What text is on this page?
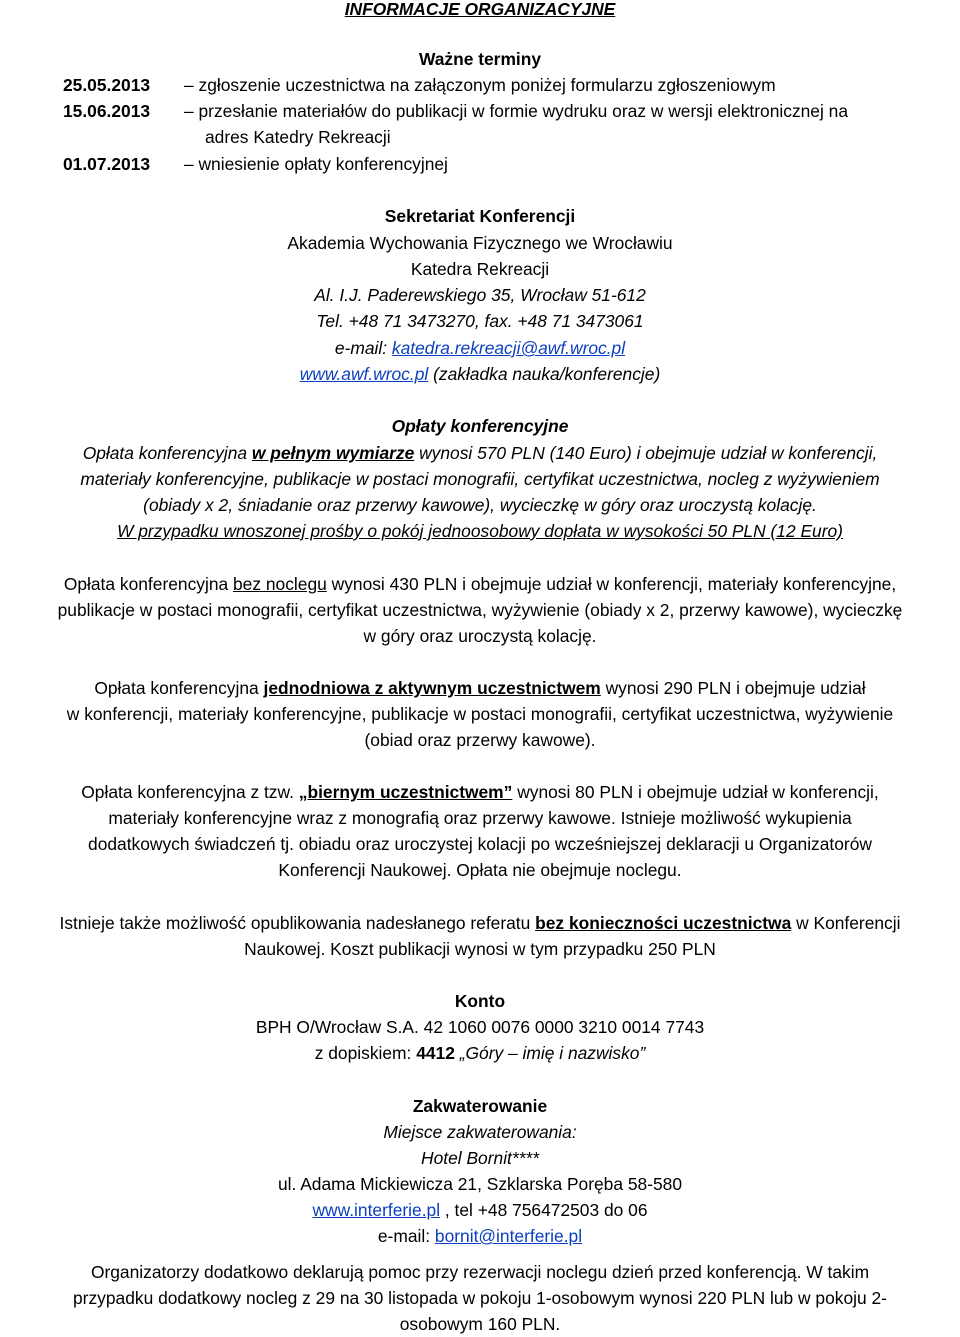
INFORMACJE ORGANIZACYJNE
Ważne terminy
25.05.2013 – zgłoszenie uczestnictwa na załączonym poniżej formularzu zgłoszeniowym
15.06.2013 – przesłanie materiałów do publikacji w formie wydruku oraz w wersji elektronicznej na
adres Katedry Rekreacji
01.07.2013 – wniesienie opłaty konferencyjnej
Sekretariat Konferencji
Akademia Wychowania Fizycznego we Wrocławiu
Katedra Rekreacji
Al. I.J. Paderewskiego 35, Wrocław 51-612
Tel. +48 71 3473270, fax. +48 71 3473061
e-mail: katedra.rekreacji@awf.wroc.pl
www.awf.wroc.pl (zakładka nauka/konferencje)
Opłaty konferencyjne
Opłata konferencyjna w pełnym wymiarze wynosi 570 PLN (140 Euro) i obejmuje udział w konferencji,
materiały konferencyjne, publikacje w postaci monografii, certyfikat uczestnictwa, nocleg z wyżywieniem
(obiady x 2, śniadanie oraz przerwy kawowe), wycieczkę w góry oraz uroczystą kolację.
W przypadku wnoszonej prośby o pokój jednoosobowy dopłata w wysokości 50 PLN (12 Euro)
Opłata konferencyjna bez noclegu wynosi 430 PLN i obejmuje udział w konferencji, materiały konferencyjne,
publikacje w postaci monografii, certyfikat uczestnictwa, wyżywienie (obiady x 2, przerwy kawowe), wycieczkę
w góry oraz uroczystą kolację.
Opłata konferencyjna jednodniowa z aktywnym uczestnictwem wynosi 290 PLN i obejmuje udział
w konferencji, materiały konferencyjne, publikacje w postaci monografii, certyfikat uczestnictwa, wyżywienie
(obiad oraz przerwy kawowe).
Opłata konferencyjna z tzw. „biernym uczestnictwem” wynosi 80 PLN i obejmuje udział w konferencji,
materiały konferencyjne wraz z monografią oraz przerwy kawowe. Istnieje możliwość wykupienia
dodatkowych świadczeń tj. obiadu oraz uroczystej kolacji po wcześniejszej deklaracji u Organizatorów
Konferencji Naukowej. Opłata nie obejmuje noclegu.
Istnieje także możliwość opublikowania nadesłanego referatu bez konieczności uczestnictwa w Konferencji
Naukowej. Koszt publikacji wynosi w tym przypadku 250 PLN
Konto
BPH O/Wrocław S.A. 42 1060 0076 0000 3210 0014 7743
z dopiskiem: 4412 „Góry – imię i nazwisko”
Zakwaterowanie
Miejsce zakwaterowania:
Hotel Bornit****
ul. Adama Mickiewicza 21, Szklarska Poręba 58-580
www.interferie.pl , tel +48 756472503 do 06
e-mail: bornit@interferie.pl
Organizatorzy dodatkowo deklarują pomoc przy rezerwacji noclegu dzień przed konferencją. W takim
przypadku dodatkowy nocleg z 29 na 30 listopada w pokoju 1-osobowym wynosi 220 PLN lub w pokoju 2-
osobowym 160 PLN.
